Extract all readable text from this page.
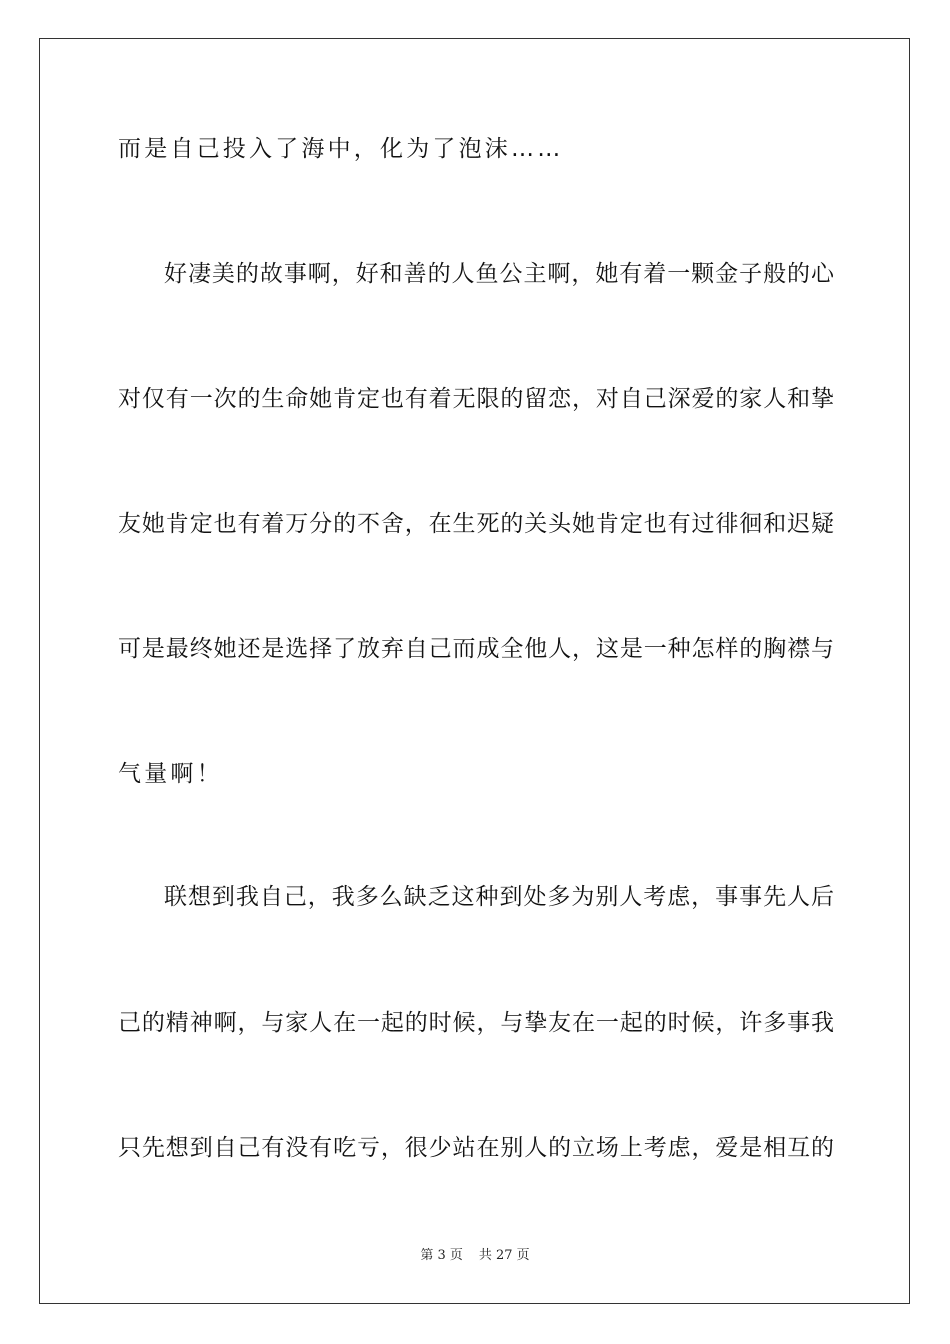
而是自己投入了海中，化为了泡沫……
好凄美的故事啊，好和善的人鱼公主啊，她有着一颗金子般的心
对仅有一次的生命她肯定也有着无限的留恋，对自己深爱的家人和挚
友她肯定也有着万分的不舍，在生死的关头她肯定也有过徘徊和迟疑
可是最终她还是选择了放弃自己而成全他人，这是一种怎样的胸襟与
气量啊！
联想到我自己，我多么缺乏这种到处多为别人考虑，事事先人后
己的精神啊，与家人在一起的时候，与挚友在一起的时候，许多事我
只先想到自己有没有吃亏，很少站在别人的立场上考虑，爱是相互的
第 3 页 共 27 页
